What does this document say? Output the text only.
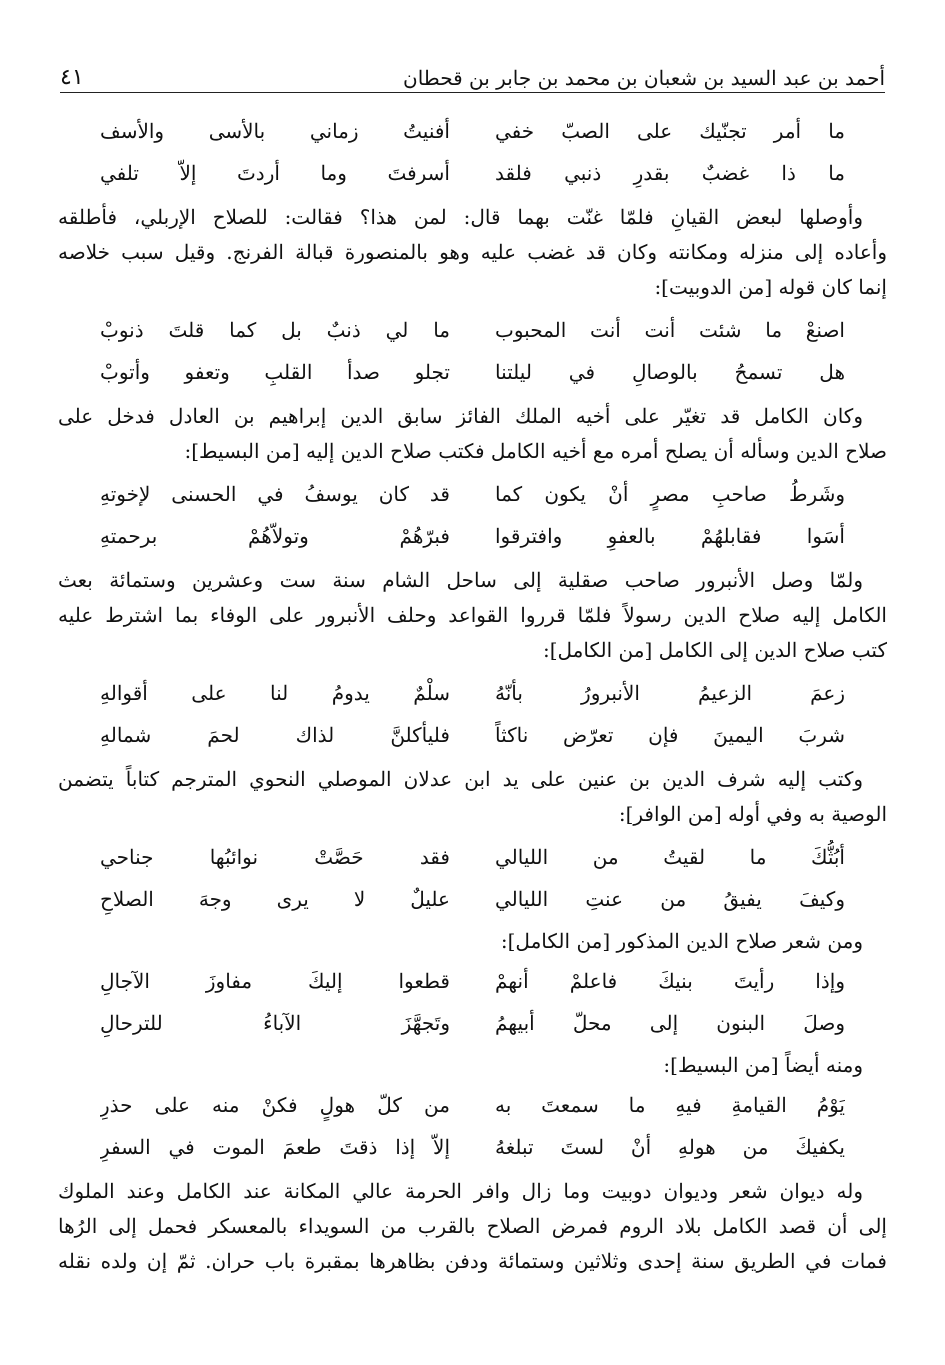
أحمد بن عبد السيد بن شعبان بن محمد بن جابر بن قحطان
٤١
ما أمر تجنّيك على الصبّ خفي
أفنيتُ زماني بالأسى والأسف
ما ذا غضبٌ بقدرِ ذنبي فلقد
أسرفتَ وما أردتَ إلاّ تلفي
وأوصلها لبعض القيانِ فلمّا غنّت بهما قال: لمن هذا؟ فقالت: للصلاح الإربلي، فأطلقه
وأعاده إلى منزله ومكانته وكان قد غضب عليه وهو بالمنصورة قبالة الفرنج. وقيل سبب خلاصه
إنما كان قوله [من الدوبيت]:
اصنعْ ما شئت أنت أنت المحبوب
ما لي ذنبٌ بل كما قلتَ ذنوبْ
هل تسمحُ بالوصالِ في ليلتنا
تجلو صدأ القلبِ وتعفو وأتوبْ
وكان الكامل قد تغيّر على أخيه الملك الفائز سابق الدين إبراهيم بن العادل فدخل على
صلاح الدين وسأله أن يصلح أمره مع أخيه الكامل فكتب صلاح الدين إليه [من البسيط]:
وشَرطُ صاحبِ مصرٍ أنْ يكون كما
قد كان يوسفُ في الحسنى لإخوتهِ
أسَوا فقابلهُمْ بالعفوِ وافترقوا
فبرّهُمْ وتولاّهُمْ برحمتهِ
ولمّا وصل الأنبرور صاحب صقلية إلى ساحل الشام سنة ست وعشرين وستمائة بعث
الكامل إليه صلاح الدين رسولاً فلمّا قرروا القواعد وحلف الأنبرور على الوفاء بما اشترط عليه
كتب صلاح الدين إلى الكامل [من الكامل]:
زعمَ الزعيمُ الأنبرورُ بأنّهُ
سلْمٌ يدومُ لنا على أقوالهِ
شربَ اليمينَ فإن تعرّض ناكثاً
فليأكلنَّ لذاك لحمَ شمالهِ
وكتب إليه شرف الدين بن عنين على يد ابن عدلان الموصلي النحوي المترجم كتاباً يتضمن
الوصية به وفي أوله [من الوافر]:
أبُثُّكَ ما لقيتُ من الليالي
فقد حَصَّتْ نوائبُها جناحي
وكيفَ يفيقُ من عنتِ الليالي
عليلٌ لا يرى وجهَ الصلاحِ
ومن شعر صلاح الدين المذكور [من الكامل]:
وإذا رأيتَ بنيكَ فاعلمْ أنهمْ
قطعوا إليكَ مفاوزَ الآجالِ
وصلَ البنون إلى محلّ أبيهمُ
وتَجهَّزَ الآباءُ للترحالِ
ومنه أيضاً [من البسيط]:
يَوْمُ القيامةِ فيهِ ما سمعتَ به
من كلّ هولٍ فكنْ منه على حذرِ
يكفيكَ من هولهِ أنْ لستَ تبلغهُ
إلاّ إذا ذقتَ طعمَ الموت في السفرِ
وله ديوان شعر وديوان دوبيت وما زال وافر الحرمة عالي المكانة عند الكامل وعند الملوك
إلى أن قصد الكامل بلاد الروم فمرض الصلاح بالقرب من السويداء بالمعسكر فحمل إلى الرُها
فمات في الطريق سنة إحدى وثلاثين وستمائة ودفن بظاهرها بمقبرة باب حران. ثمّ إن ولده نقله
